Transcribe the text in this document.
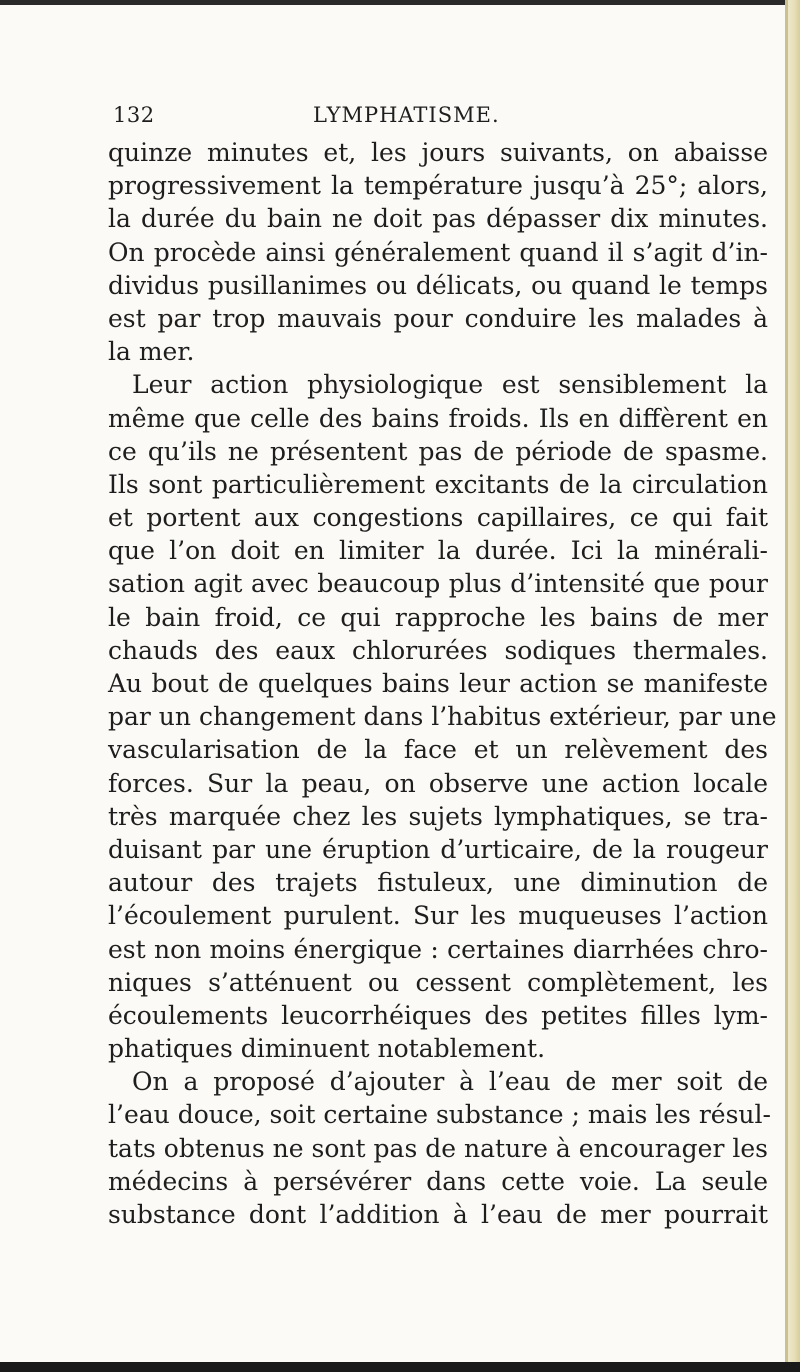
132	LYMPHATISME.
quinze minutes et, les jours suivants, on abaisse
progressivement la température jusqu’à 25°; alors,
la durée du bain ne doit pas dépasser dix minutes.
On procède ainsi généralement quand il s’agit d’in-
dividus pusillanimes ou délicats, ou quand le temps
est par trop mauvais pour conduire les malades à
la mer.
Leur action physiologique est sensiblement la
même que celle des bains froids. Ils en diffèrent en
ce qu’ils ne présentent pas de période de spasme.
Ils sont particulièrement excitants de la circulation
et portent aux congestions capillaires, ce qui fait
que l’on doit en limiter la durée. Ici la minérali-
sation agit avec beaucoup plus d’intensité que pour
le bain froid, ce qui rapproche les bains de mer
chauds des eaux chlorurées sodiques thermales.
Au bout de quelques bains leur action se manifeste
par un changement dans l’habitus extérieur, par une
vascularisation de la face et un relèvement des
forces. Sur la peau, on observe une action locale
très marquée chez les sujets lymphatiques, se tra-
duisant par une éruption d’urticaire, de la rougeur
autour des trajets fistuleux, une diminution de
l’écoulement purulent. Sur les muqueuses l’action
est non moins énergique : certaines diarrhées chro-
niques s’atténuent ou cessent complètement, les
écoulements leucorrhéiques des petites filles lym-
phatiques diminuent notablement.
On a proposé d’ajouter à l’eau de mer soit de
l’eau douce, soit certaine substance ; mais les résul-
tats obtenus ne sont pas de nature à encourager les
médecins à persévérer dans cette voie. La seule
substance dont l’addition à l’eau de mer pourrait
